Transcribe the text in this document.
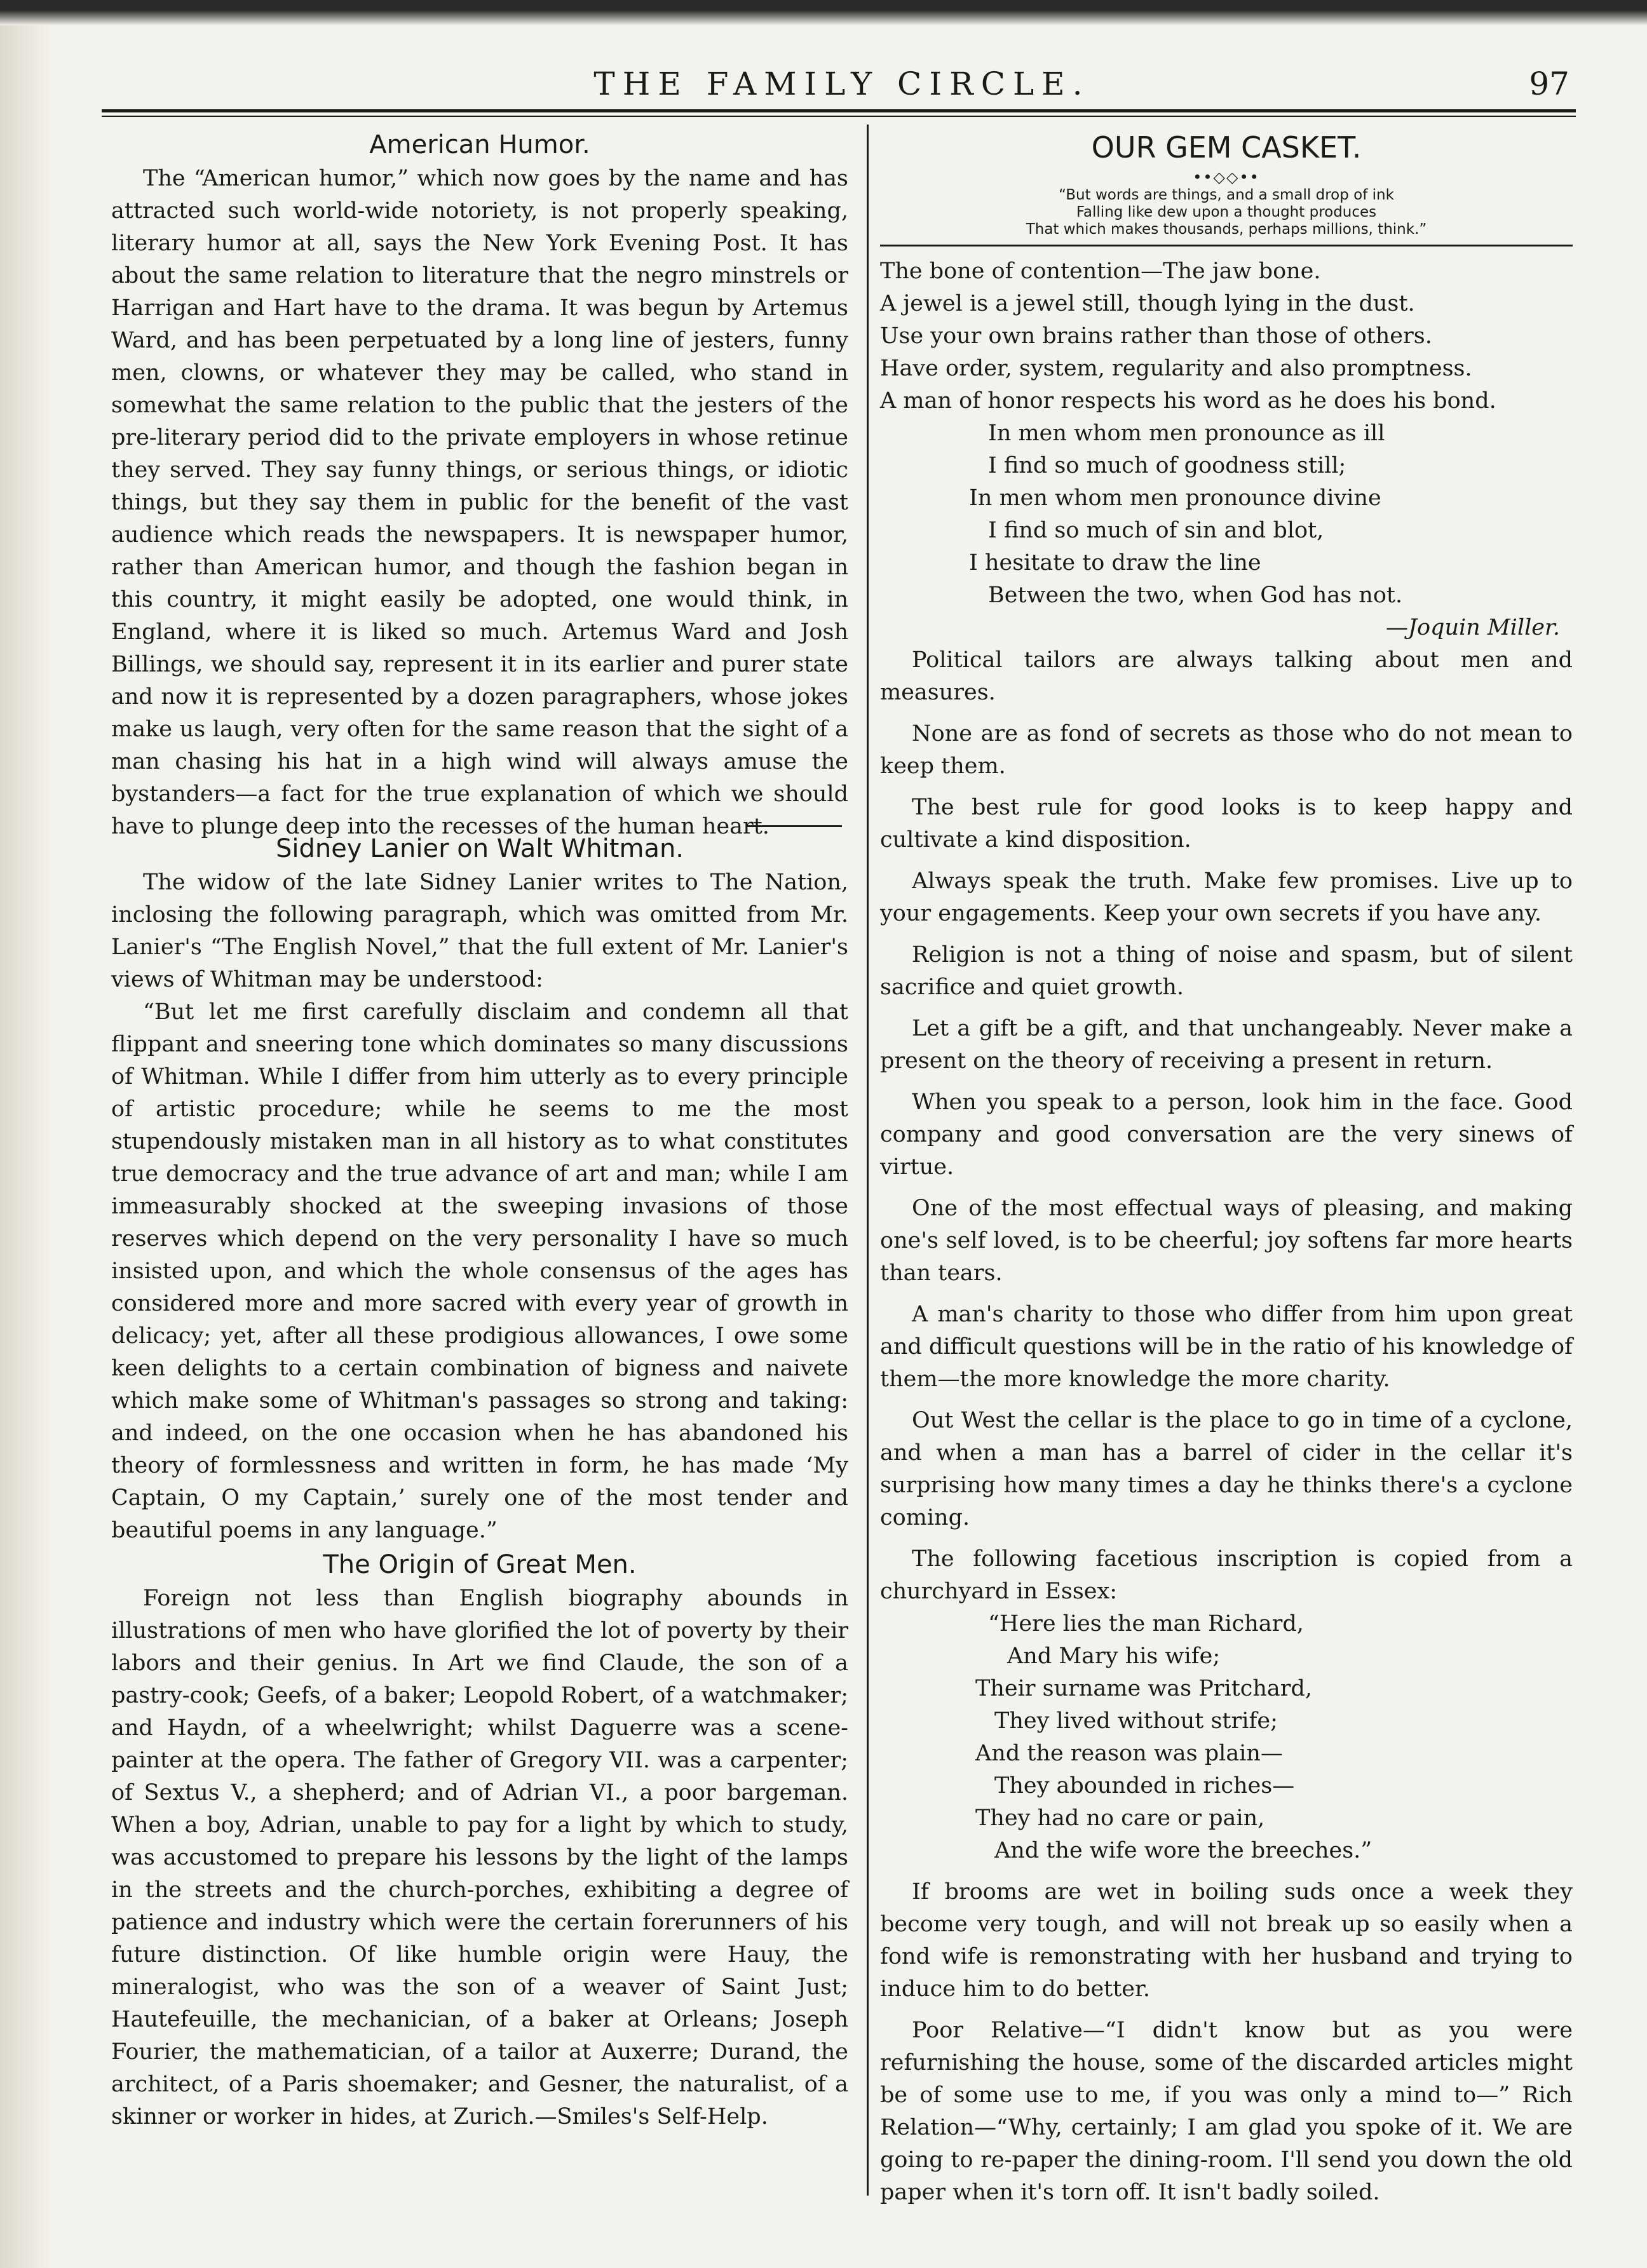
THE FAMILY CIRCLE.	97
American Humor.

The “American humor,” which now goes by the name and has attracted such world-wide notoriety, is not properly speaking, literary humor at all, says the New York Evening Post. It has about the same relation to literature that the negro minstrels or Harrigan and Hart have to the drama. It was begun by Artemus Ward, and has been perpetuated by a long line of jesters, funny men, clowns, or whatever they may be called, who stand in somewhat the same relation to the public that the jesters of the pre-literary period did to the private employers in whose retinue they served. They say funny things, or serious things, or idiotic things, but they say them in public for the benefit of the vast audience which reads the newspapers. It is newspaper humor, rather than American humor, and though the fashion began in this country, it might easily be adopted, one would think, in England, where it is liked so much. Artemus Ward and Josh Billings, we should say, represent it in its earlier and purer state and now it is represented by a dozen paragraphers, whose jokes make us laugh, very often for the same reason that the sight of a man chasing his hat in a high wind will always amuse the bystanders—a fact for the true explanation of which we should have to plunge deep into the recesses of the human heart.

Sidney Lanier on Walt Whitman.

The widow of the late Sidney Lanier writes to The Nation, inclosing the following paragraph, which was omitted from Mr. Lanier's “The English Novel,” that the full extent of Mr. Lanier's views of Whitman may be understood:

“But let me first carefully disclaim and condemn all that flippant and sneering tone which dominates so many discussions of Whitman. While I differ from him utterly as to every principle of artistic procedure; while he seems to me the most stupendously mistaken man in all history as to what constitutes true democracy and the true advance of art and man; while I am immeasurably shocked at the sweeping invasions of those reserves which depend on the very personality I have so much insisted upon, and which the whole consensus of the ages has considered more and more sacred with every year of growth in delicacy; yet, after all these prodigious allowances, I owe some keen delights to a certain combination of bigness and naivete which make some of Whitman's passages so strong and taking: and indeed, on the one occasion when he has abandoned his theory of formlessness and written in form, he has made ‘My Captain, O my Captain,’ surely one of the most tender and beautiful poems in any language.”

The Origin of Great Men.

Foreign not less than English biography abounds in illustrations of men who have glorified the lot of poverty by their labors and their genius. In Art we find Claude, the son of a pastry-cook; Geefs, of a baker; Leopold Robert, of a watchmaker; and Haydn, of a wheelwright; whilst Daguerre was a scene-painter at the opera. The father of Gregory VII. was a carpenter; of Sextus V., a shepherd; and of Adrian VI., a poor bargeman. When a boy, Adrian, unable to pay for a light by which to study, was accustomed to prepare his lessons by the light of the lamps in the streets and the church-porches, exhibiting a degree of patience and industry which were the certain forerunners of his future distinction. Of like humble origin were Hauy, the mineralogist, who was the son of a weaver of Saint Just; Hautefeuille, the mechanician, of a baker at Orleans; Joseph Fourier, the mathematician, of a tailor at Auxerre; Durand, the architect, of a Paris shoemaker; and Gesner, the naturalist, of a skinner or worker in hides, at Zurich.—Smiles's Self-Help.

OUR GEM CASKET.
••◇◇••
“But words are things, and a small drop of ink
Falling like dew upon a thought produces
That which makes thousands, perhaps millions, think.”

The bone of contention—The jaw bone.

A jewel is a jewel still, though lying in the dust.

Use your own brains rather than those of others.

Have order, system, regularity and also promptness.

A man of honor respects his word as he does his bond.

In men whom men pronounce as ill
I find so much of goodness still;
In men whom men pronounce divine
I find so much of sin and blot,
I hesitate to draw the line
Between the two, when God has not.
—Joquin Miller.

Political tailors are always talking about men and measures.

None are as fond of secrets as those who do not mean to keep them.

The best rule for good looks is to keep happy and cultivate a kind disposition.

Always speak the truth. Make few promises. Live up to your engagements. Keep your own secrets if you have any.

Religion is not a thing of noise and spasm, but of silent sacrifice and quiet growth.

Let a gift be a gift, and that unchangeably. Never make a present on the theory of receiving a present in return.

When you speak to a person, look him in the face. Good company and good conversation are the very sinews of virtue.

One of the most effectual ways of pleasing, and making one's self loved, is to be cheerful; joy softens far more hearts than tears.

A man's charity to those who differ from him upon great and difficult questions will be in the ratio of his knowledge of them—the more knowledge the more charity.

Out West the cellar is the place to go in time of a cyclone, and when a man has a barrel of cider in the cellar it's surprising how many times a day he thinks there's a cyclone coming.

The following facetious inscription is copied from a churchyard in Essex:

“Here lies the man Richard,
And Mary his wife;
Their surname was Pritchard,
They lived without strife;
And the reason was plain—
They abounded in riches—
They had no care or pain,
And the wife wore the breeches.”

If brooms are wet in boiling suds once a week they become very tough, and will not break up so easily when a fond wife is remonstrating with her husband and trying to induce him to do better.

Poor Relative—“I didn't know but as you were refurnishing the house, some of the discarded articles might be of some use to me, if you was only a mind to—” Rich Relation—“Why, certainly; I am glad you spoke of it. We are going to re-paper the dining-room. I'll send you down the old paper when it's torn off. It isn't badly soiled.
